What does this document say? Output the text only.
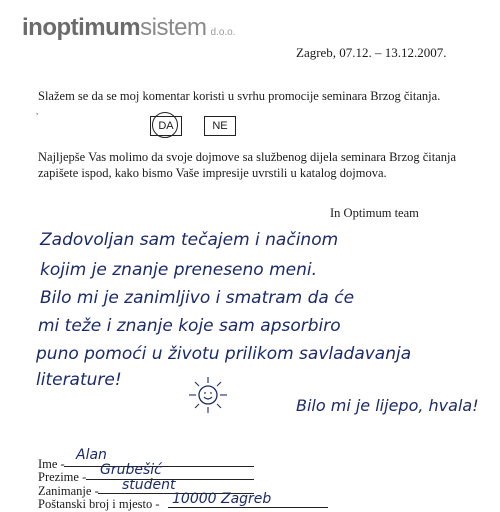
inoptimumsistem d.o.o.
Zagreb, 07.12. – 13.12.2007.
Slažem se da se moj komentar koristi u svrhu promocije seminara Brzog čitanja.
,
DA	NE
Najljepše Vas molimo da svoje dojmove sa službenog dijela seminara Brzog čitanja zapišete ispod, kako bismo Vaše impresije uvrstili u katalog dojmova.
In Optimum team
Zadovoljan sam tečajem i načinom
kojim je znanje preneseno meni.
Bilo mi je zanimljivo i smatram da će
mi teže i znanje koje sam apsorbiro
puno pomoći u životu prilikom savladavanja
literature!
Bilo mi je lijepo, hvala!
Ime -
Alan
Prezime - Grubešić
Zanimanje - student
Poštanski broj i mjesto - 10000 Zagreb
